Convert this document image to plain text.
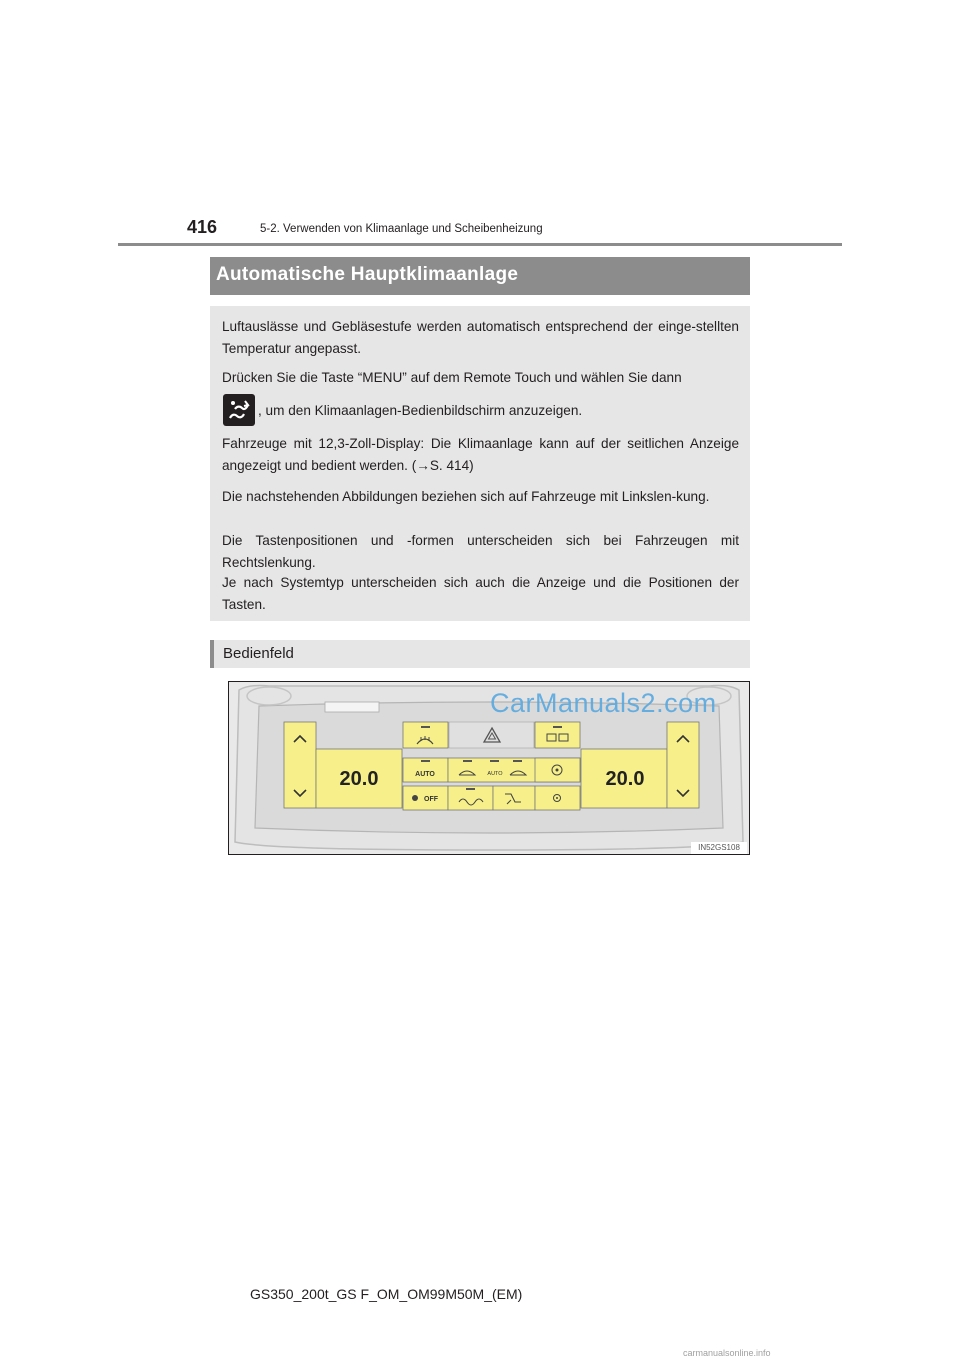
416	5-2. Verwenden von Klimaanlage und Scheibenheizung
Automatische Hauptklimaanlage

Luftauslässe und Gebläsestufe werden automatisch entsprechend der einge-stellten Temperatur angepasst.

Drücken Sie die Taste “MENU” auf dem Remote Touch und wählen Sie dann

, um den Klimaanlagen-Bedienbildschirm anzuzeigen.

Fahrzeuge mit 12,3-Zoll-Display: Die Klimaanlage kann auf der seitlichen Anzeige angezeigt und bedient werden. (→S. 414)

Die nachstehenden Abbildungen beziehen sich auf Fahrzeuge mit Linkslen-kung.

Die Tastenpositionen und -formen unterscheiden sich bei Fahrzeugen mit Rechtslenkung.

Je nach Systemtyp unterscheiden sich auch die Anzeige und die Positionen der Tasten.

Bedienfeld
20.0	20.0
AUTO	AUTO
OFF
IN52GS108
CarManuals2.com
GS350_200t_GS F_OM_OM99M50M_(EM)
carmanualsonline.info
